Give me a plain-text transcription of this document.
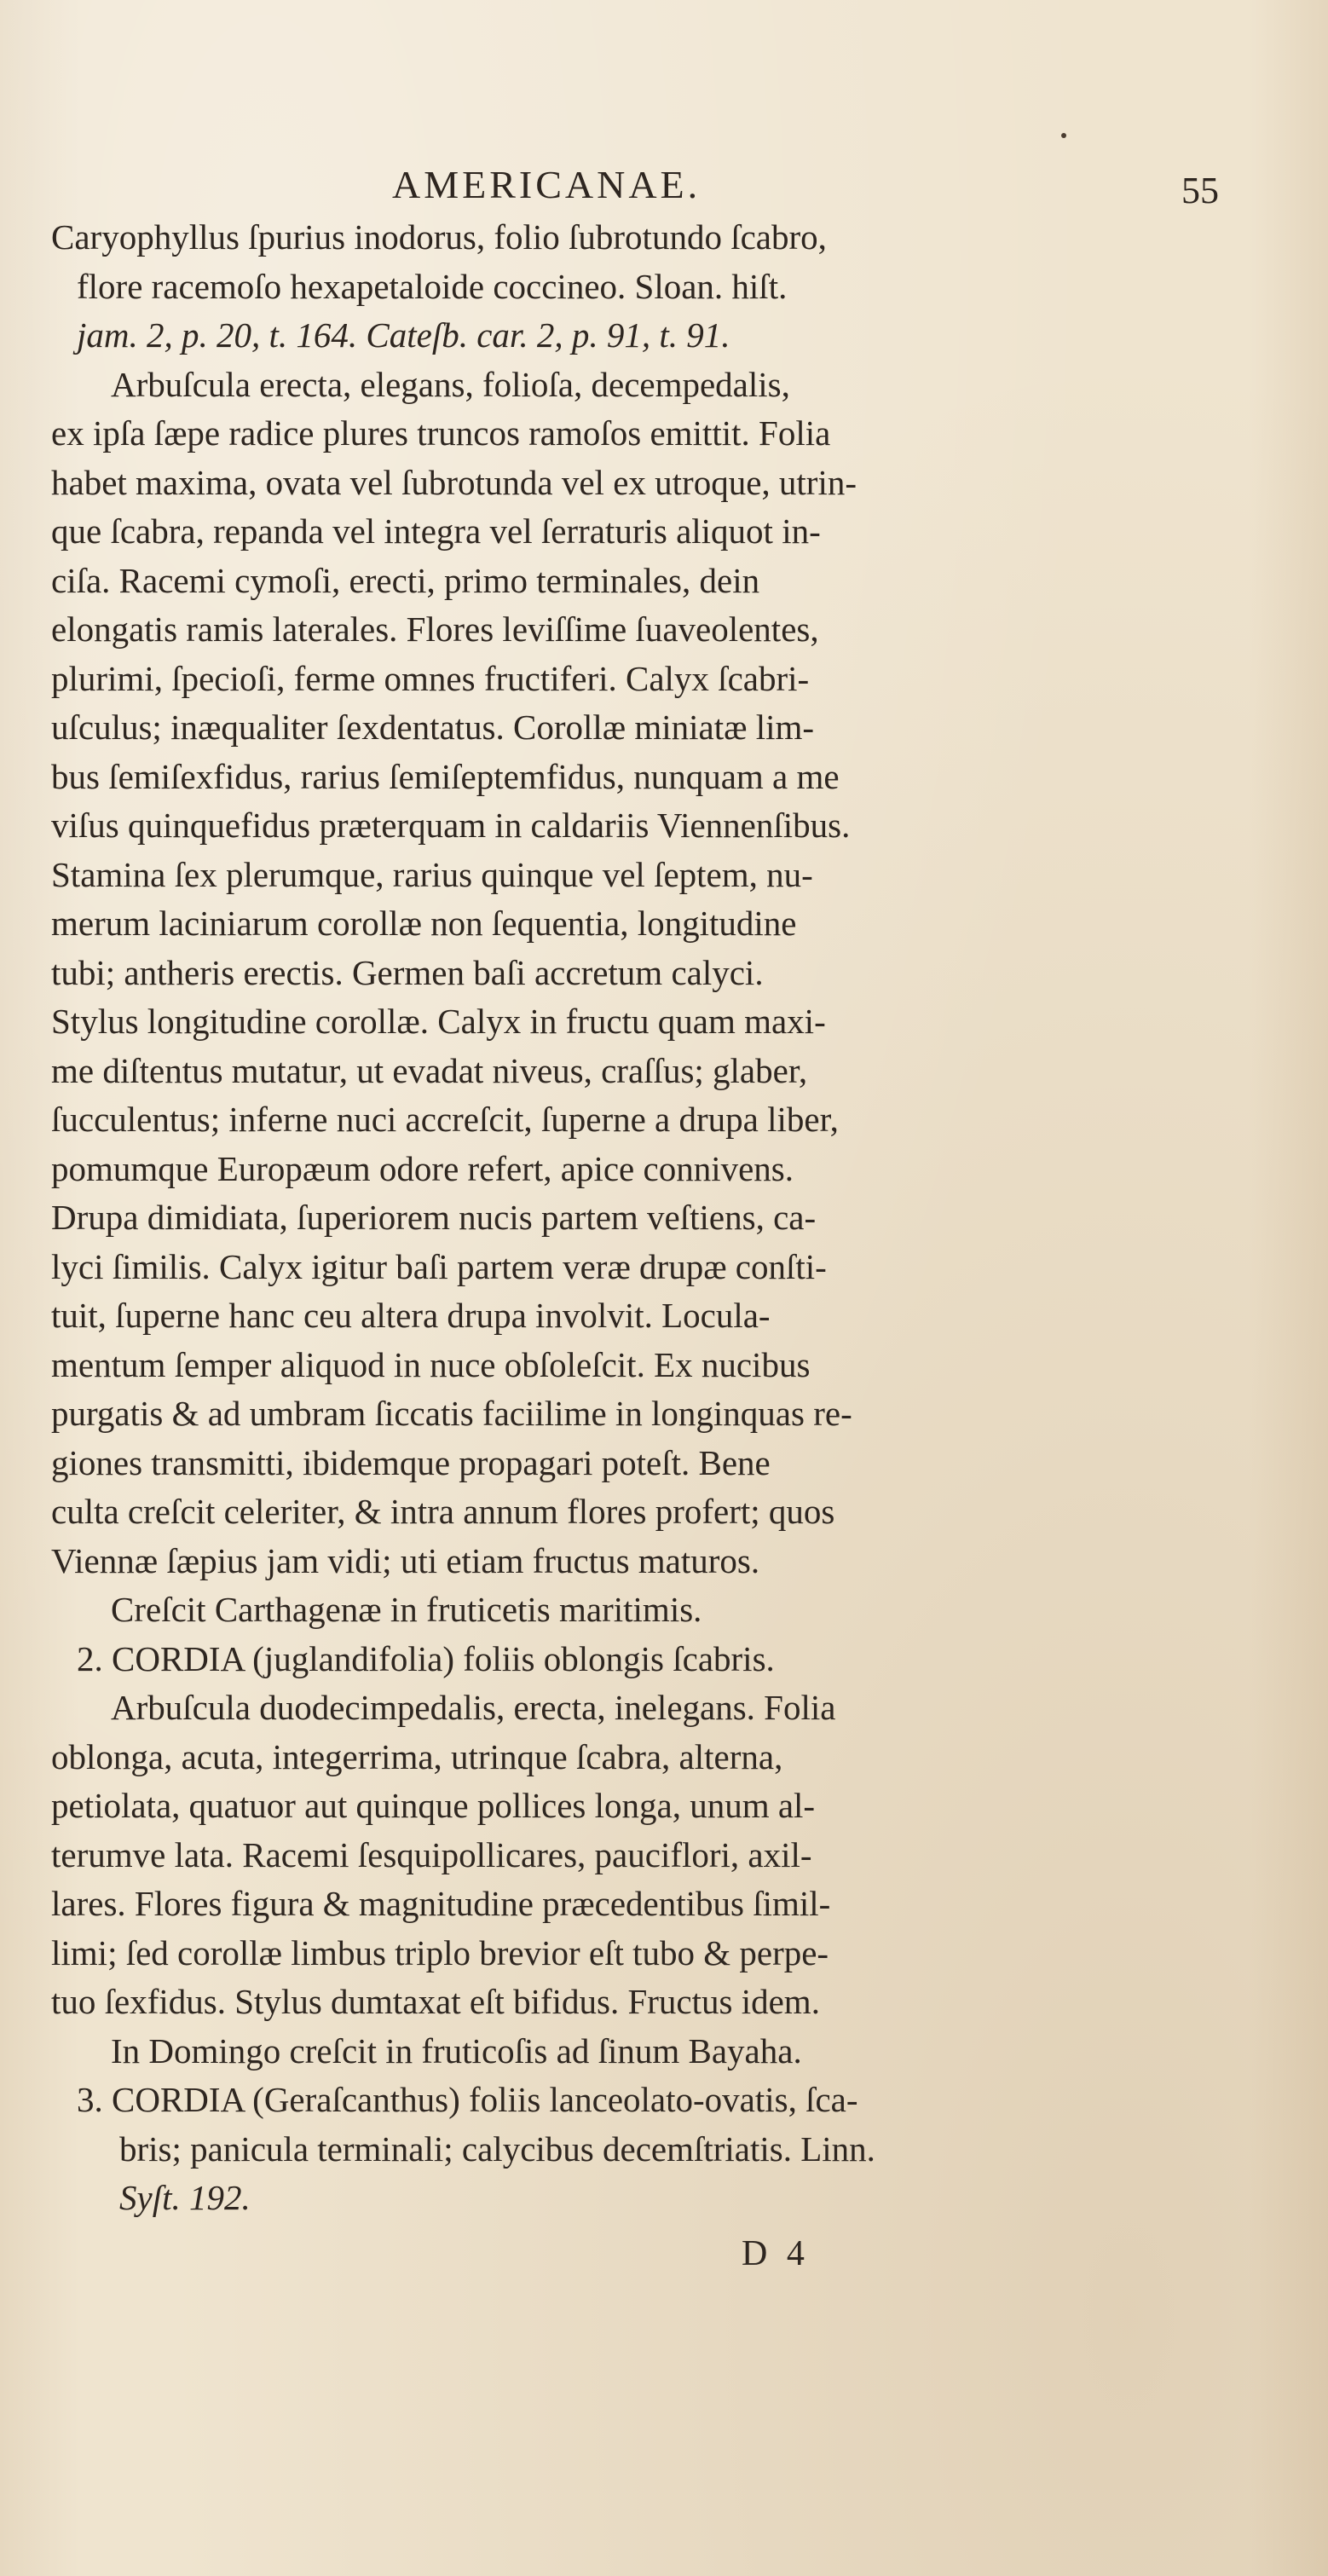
AMERICANAE.	55
Caryophyllus ſpurius inodorus, folio ſubrotundo ſcabro,
flore racemoſo hexapetaloide coccineo. Sloan. hiſt.
jam. 2, p. 20, t. 164. Cateſb. car. 2, p. 91, t. 91.
Arbuſcula erecta, elegans, folioſa, decempedalis,
ex ipſa ſæpe radice plures truncos ramoſos emittit. Folia
habet maxima, ovata vel ſubrotunda vel ex utroque, utrin-
que ſcabra, repanda vel integra vel ſerraturis aliquot in-
ciſa. Racemi cymoſi, erecti, primo terminales, dein
elongatis ramis laterales. Flores leviſſime ſuaveolentes,
plurimi, ſpecioſi, ferme omnes fructiferi. Calyx ſcabri-
uſculus; inæqualiter ſexdentatus. Corollæ miniatæ lim-
bus ſemiſexfidus, rarius ſemiſeptemfidus, nunquam a me
viſus quinquefidus præterquam in caldariis Viennenſibus.
Stamina ſex plerumque, rarius quinque vel ſeptem, nu-
merum laciniarum corollæ non ſequentia, longitudine
tubi; antheris erectis. Germen baſi accretum calyci.
Stylus longitudine corollæ. Calyx in fructu quam maxi-
me diſtentus mutatur, ut evadat niveus, craſſus; glaber,
ſucculentus; inferne nuci accreſcit, ſuperne a drupa liber,
pomumque Europæum odore refert, apice connivens.
Drupa dimidiata, ſuperiorem nucis partem veſtiens, ca-
lyci ſimilis. Calyx igitur baſi partem veræ drupæ conſti-
tuit, ſuperne hanc ceu altera drupa involvit. Locula-
mentum ſemper aliquod in nuce obſoleſcit. Ex nucibus
purgatis & ad umbram ſiccatis faciilime in longinquas re-
giones transmitti, ibidemque propagari poteſt. Bene
culta creſcit celeriter, & intra annum flores profert; quos
Viennæ ſæpius jam vidi; uti etiam fructus maturos.
Creſcit Carthagenæ in fruticetis maritimis.
2. CORDIA (juglandifolia) foliis oblongis ſcabris.
Arbuſcula duodecimpedalis, erecta, inelegans. Folia
oblonga, acuta, integerrima, utrinque ſcabra, alterna,
petiolata, quatuor aut quinque pollices longa, unum al-
terumve lata. Racemi ſesquipollicares, pauciflori, axil-
lares. Flores figura & magnitudine præcedentibus ſimil-
limi; ſed corollæ limbus triplo brevior eſt tubo & perpe-
tuo ſexfidus. Stylus dumtaxat eſt bifidus. Fructus idem.
In Domingo creſcit in fruticoſis ad ſinum Bayaha.
3. CORDIA (Geraſcanthus) foliis lanceolato-ovatis, ſca-
bris; panicula terminali; calycibus decemſtriatis. Linn.
Syſt. 192.
D 4
